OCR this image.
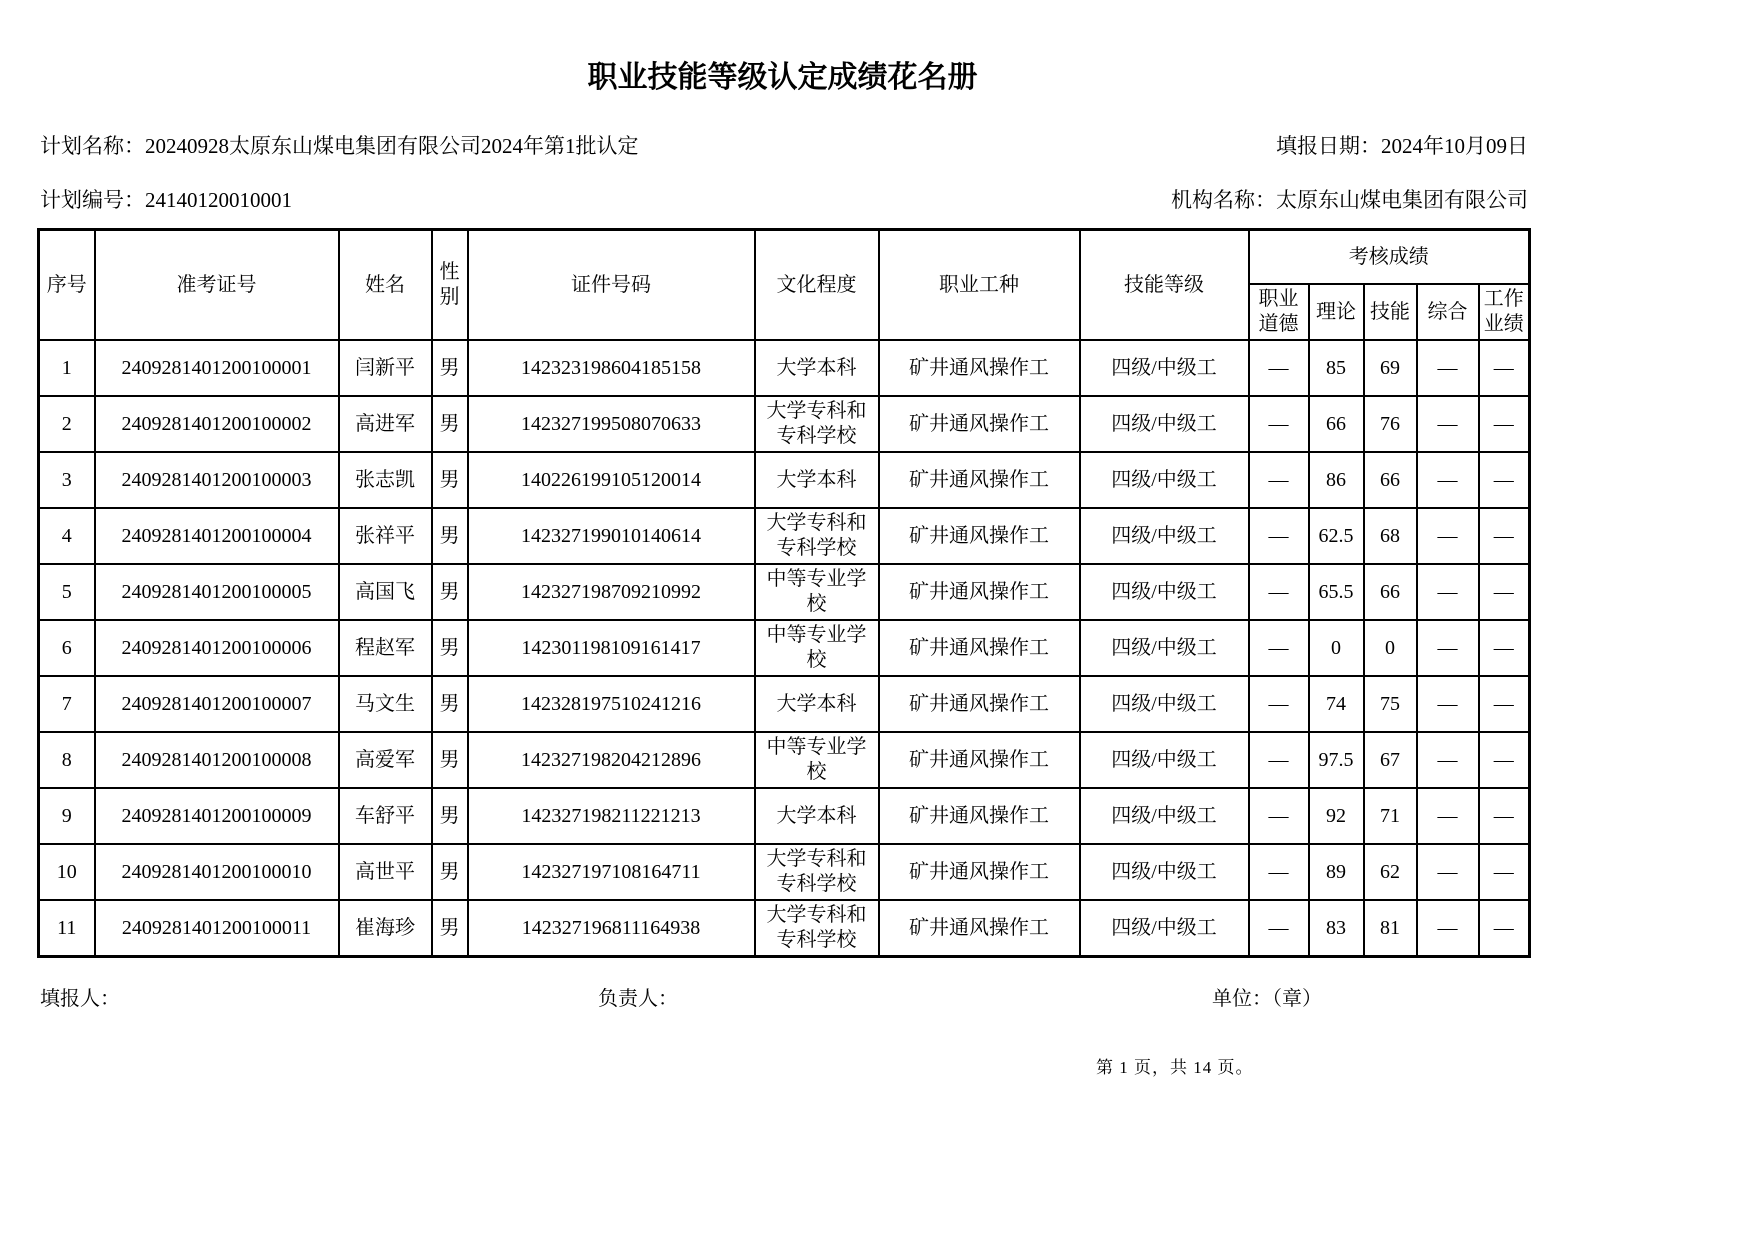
职业技能等级认定成绩花名册
计划名称：20240928太原东山煤电集团有限公司2024年第1批认定	填报日期：2024年10月09日
计划编号：24140120010001	机构名称：太原东山煤电集团有限公司
序号	准考证号	姓名	性别	证件号码	文化程度	职业工种	技能等级	考核成绩				
								职业道德	理论	技能	综合	工作业绩
1	2409281401200100001	闫新平	男	142323198604185158	大学本科	矿井通风操作工	四级/中级工	—	85	69	—	—
2	2409281401200100002	高进军	男	142327199508070633	大学专科和专科学校	矿井通风操作工	四级/中级工	—	66	76	—	—
3	2409281401200100003	张志凯	男	140226199105120014	大学本科	矿井通风操作工	四级/中级工	—	86	66	—	—
4	2409281401200100004	张祥平	男	142327199010140614	大学专科和专科学校	矿井通风操作工	四级/中级工	—	62.5	68	—	—
5	2409281401200100005	高国飞	男	142327198709210992	中等专业学校	矿井通风操作工	四级/中级工	—	65.5	66	—	—
6	2409281401200100006	程赵军	男	142301198109161417	中等专业学校	矿井通风操作工	四级/中级工	—	0	0	—	—
7	2409281401200100007	马文生	男	142328197510241216	大学本科	矿井通风操作工	四级/中级工	—	74	75	—	—
8	2409281401200100008	高爱军	男	142327198204212896	中等专业学校	矿井通风操作工	四级/中级工	—	97.5	67	—	—
9	2409281401200100009	车舒平	男	142327198211221213	大学本科	矿井通风操作工	四级/中级工	—	92	71	—	—
10	2409281401200100010	高世平	男	142327197108164711	大学专科和专科学校	矿井通风操作工	四级/中级工	—	89	62	—	—
11	2409281401200100011	崔海珍	男	142327196811164938	大学专科和专科学校	矿井通风操作工	四级/中级工	—	83	81	—	—
填报人：	负责人：	单位：（章）
第 1 页，共 14 页。
